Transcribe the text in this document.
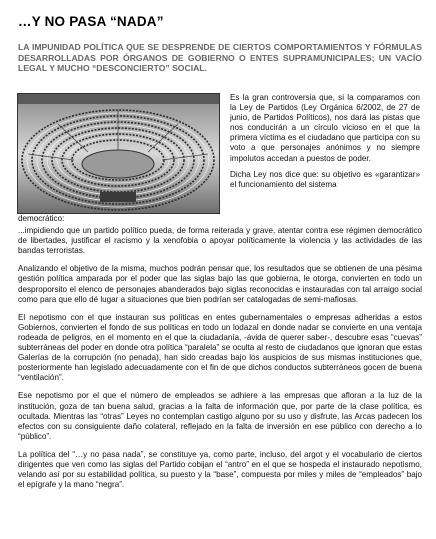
…Y NO PASA “NADA”
LA IMPUNIDAD POLÍTICA QUE SE DESPRENDE DE CIERTOS COMPORTAMIENTOS Y FÓRMULAS DESARROLLADAS POR ÓRGANOS DE GOBIERNO O ENTES SUPRAMUNICIPALES; UN VACÍO LEGAL Y MUCHO “DESCONCIERTO” SOCIAL.

Es la gran controversia que, si la comparamos con la Ley de Partidos (Ley Orgánica 6/2002, de 27 de junio, de Partidos Políticos), nos dará las pistas que nos conducirán a un círculo vicioso en el que la primera víctima es el ciudadano que participa con su voto a que personajes anónimos y no siempre impolutos accedan a puestos de poder.

Dicha Ley nos dice que: su objetivo es «garantizar» el funcionamiento del sistema

democrático:

...impidiendo que un partido político pueda, de forma reiterada y grave, atentar contra ese régimen democrático de libertades, justificar el racismo y la xenofobia o apoyar políticamente la violencia y las actividades de las bandas terroristas.

Analizando el objetivo de la misma, muchos podrán pensar que, los resultados que se obtienen de una pésima gestión política amparada por el poder que las siglas bajo las que gobierna, le otorga, convierten en todo un desproporsito el elenco de personajes abanderados bajo siglas reconocidas e instauradas con tal arraigo social como para que ello dé lugar a situaciones que bien podrían ser catalogadas de semi-mafiosas.

El nepotismo con el que instauran sus políticas en entes gubernamentales o empresas adheridas a estos Gobiernos, convierten el fondo de sus políticas en todo un lodazal en donde nadar se convierte en una ventaja rodeada de peligros, en el momento en el que la ciudadanía, -ávida de querer saber-, descubre esas “cuevas” subterráneas del poder en donde otra política “paralela” se oculta al resto de ciudadanos que ignoran que estas Galerías de la corrupción (no penada), han sido creadas bajo los auspicios de sus mismas instituciones que, posteriormente han legislado adecuadamente con el fin de que dichos conductos subterráneos gocen de buena “ventilación”.

Ese nepotismo por el que el número de empleados se adhiere a las empresas que afloran a la luz de la institución, goza de tan buena salud, gracias a la falta de información que, por parte de la clase política, es ocultada. Mientras las “otras” Leyes no contemplan castigo alguno por su uso y disfrute, las Arcas padecen los efectos con su consiguiente daño colateral, reflejado en la falta de inversión en ese público con derecho a lo “público”.

La política del “…y no pasa nada”, se constituye ya, como parte, incluso, del argot y el vocabulario de ciertos dirigentes que ven como las siglas del Partido cobijan el “antro” en el que se hospeda el instaurado nepotismo, velando así por su estabilidad política, su puesto y la “base”, compuesta por miles y miles de “empleados” bajo el epígrafe y la mano “negra”.
